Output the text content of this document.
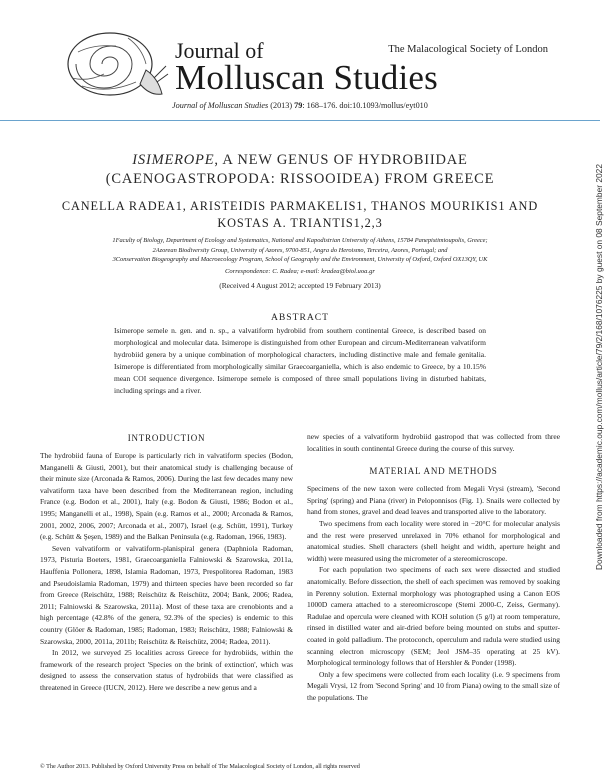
Journal of
Molluscan Studies
The Malacological Society of London
Journal of Molluscan Studies (2013) 79: 168–176. doi:10.1093/mollus/eyt010
Downloaded from https://academic.oup.com/mollus/article/79/2/168/1076225 by guest on 08 September 2022
ISIMEROPE, A NEW GENUS OF HYDROBIIDAE
(CAENOGASTROPODA: RISSOOIDEA) FROM GREECE
CANELLA RADEA1, ARISTEIDIS PARMAKELIS1, THANOS MOURIKIS1 AND
KOSTAS A. TRIANTIS1,2,3
1Faculty of Biology, Department of Ecology and Systematics, National and Kapodistrian University of Athens, 15784 Panepistimioupolis, Greece;
2Azorean Biodiversity Group, University of Azores, 9700-851, Angra do Heroismo, Terceira, Azores, Portugal; and
3Conservation Biogeography and Macroecology Program, School of Geography and the Environment, University of Oxford, Oxford OX13QY, UK
Correspondence: C. Radea; e-mail: kradea@biol.uoa.gr
(Received 4 August 2012; accepted 19 February 2013)
ABSTRACT
Isimerope semele n. gen. and n. sp., a valvatiform hydrobiid from southern continental Greece, is described based on morphological and molecular data. Isimerope is distinguished from other European and circum-Mediterranean valvatiform hydrobiid genera by a unique combination of morphological characters, including distinctive male and female genitalia. Isimerope is differentiated from morphologically similar Graecoarganiella, which is also endemic to Greece, by a 10.15% mean COI sequence divergence. Isimerope semele is composed of three small populations living in disturbed habitats, including springs and a river.
INTRODUCTION

The hydrobiid fauna of Europe is particularly rich in valvatiform species (Bodon, Manganelli & Giusti, 2001), but their anatomical study is challenging because of their minute size (Arconada & Ramos, 2006). During the last few decades many new valvatiform taxa have been described from the Mediterranean region, including France (e.g. Bodon et al., 2001), Italy (e.g. Bodon & Giusti, 1986; Bodon et al., 1995; Manganelli et al., 1998), Spain (e.g. Ramos et al., 2000; Arconada & Ramos, 2001, 2002, 2006, 2007; Arconada et al., 2007), Israel (e.g. Schütt, 1991), Turkey (e.g. Schütt & Şeşen, 1989) and the Balkan Peninsula (e.g. Radoman, 1966, 1983).

Seven valvatiform or valvatiform-planispiral genera (Daphniola Radoman, 1973, Pisturia Boeters, 1981, Graecoarganiella Falniowski & Szarowska, 2011a, Hauffenia Pollonera, 1898, Islamia Radoman, 1973, Prespolitorea Radoman, 1983 and Pseudoislamia Radoman, 1979) and thirteen species have been recorded so far from Greece (Reischütz, 1988; Reischütz & Reischütz, 2004; Bank, 2006; Radea, 2011; Falniowski & Szarowska, 2011a). Most of these taxa are crenobionts and a high percentage (42.8% of the genera, 92.3% of the species) is endemic to this country (Glöer & Radoman, 1985; Radoman, 1983; Reischütz, 1988; Falniowski & Szarowska, 2000, 2011a, 2011b; Reischütz & Reischütz, 2004; Radea, 2011).

In 2012, we surveyed 25 localities across Greece for hydrobiids, within the framework of the research project 'Species on the brink of extinction', which was designed to assess the conservation status of hydrobiids that were classified as threatened in Greece (IUCN, 2012). Here we describe a new genus and a

new species of a valvatiform hydrobiid gastropod that was collected from three localities in south continental Greece during the course of this survey.

MATERIAL AND METHODS

Specimens of the new taxon were collected from Megali Vrysi (stream), 'Second Spring' (spring) and Piana (river) in Peloponnisos (Fig. 1). Snails were collected by hand from stones, gravel and dead leaves and transported alive to the laboratory.

Two specimens from each locality were stored in −20°C for molecular analysis and the rest were preserved unrelaxed in 70% ethanol for morphological and anatomical studies. Shell characters (shell height and width, aperture height and width) were measured using the micrometer of a stereomicroscope.

For each population two specimens of each sex were dissected and studied anatomically. Before dissection, the shell of each specimen was removed by soaking in Perenny solution. External morphology was photographed using a Canon EOS 1000D camera attached to a stereomicroscope (Stemi 2000-C, Zeiss, Germany). Radulae and opercula were cleaned with KOH solution (5 g/l) at room temperature, rinsed in distilled water and air-dried before being mounted on stubs and sputter-coated in gold palladium. The protoconch, operculum and radula were studied using scanning electron microscopy (SEM; Jeol JSM–35 operating at 25 kV). Morphological terminology follows that of Hershler & Ponder (1998).

Only a few specimens were collected from each locality (i.e. 9 specimens from Megali Vrysi, 12 from 'Second Spring' and 10 from Piana) owing to the small size of the populations. The

© The Author 2013. Published by Oxford University Press on behalf of The Malacological Society of London, all rights reserved
